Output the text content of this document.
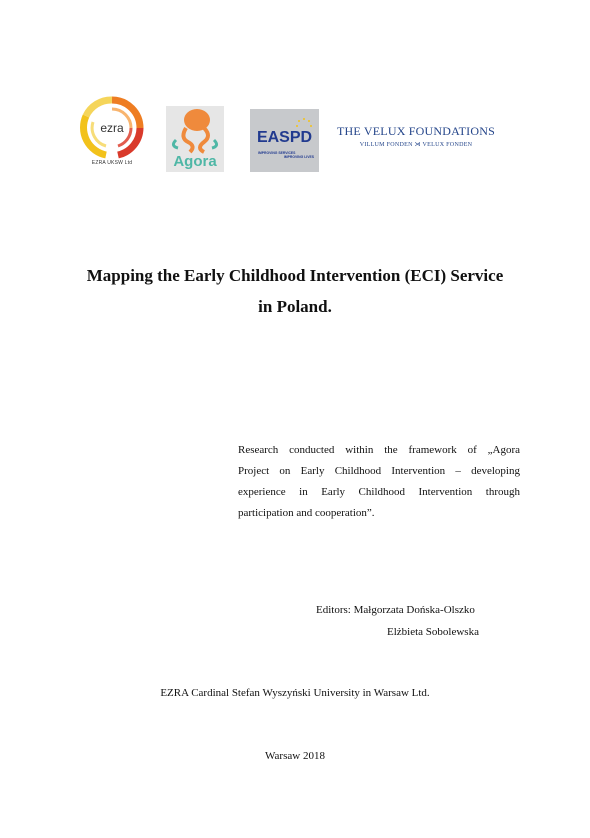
ezra
EZRA UKSW Ltd	Agora
EASPD
IMPROVING SERVICES
IMPROVING LIVES
THE VELUX FOUNDATIONS
VILLUM FONDEN ⋊ VELUX FONDEN
Mapping the Early Childhood Intervention (ECI) Service
in Poland.
Research conducted within the framework of „Agora
Project on Early Childhood Intervention – developing
experience in Early Childhood Intervention through
participation and cooperation”.
Editors: Małgorzata Dońska-Olszko
Elżbieta Sobolewska
EZRA Cardinal Stefan Wyszyński University in Warsaw Ltd.
Warsaw 2018
